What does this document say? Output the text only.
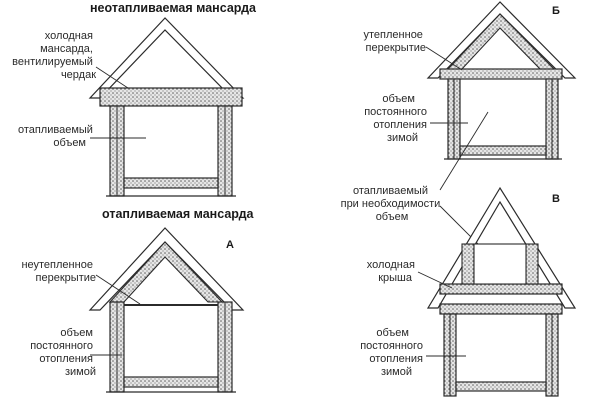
неотапливаемая мансарда
отапливаемая мансарда
холодная мансарда, вентилируемый чердак
отапливаемый объем
А
неутепленное перекрытие
объем постоянного отопления зимой
Б
утепленное перекрытие
объем постоянного отопления зимой
отапливаемый при необходимости объем
В
холодная крыша
объем постоянного отопления зимой
